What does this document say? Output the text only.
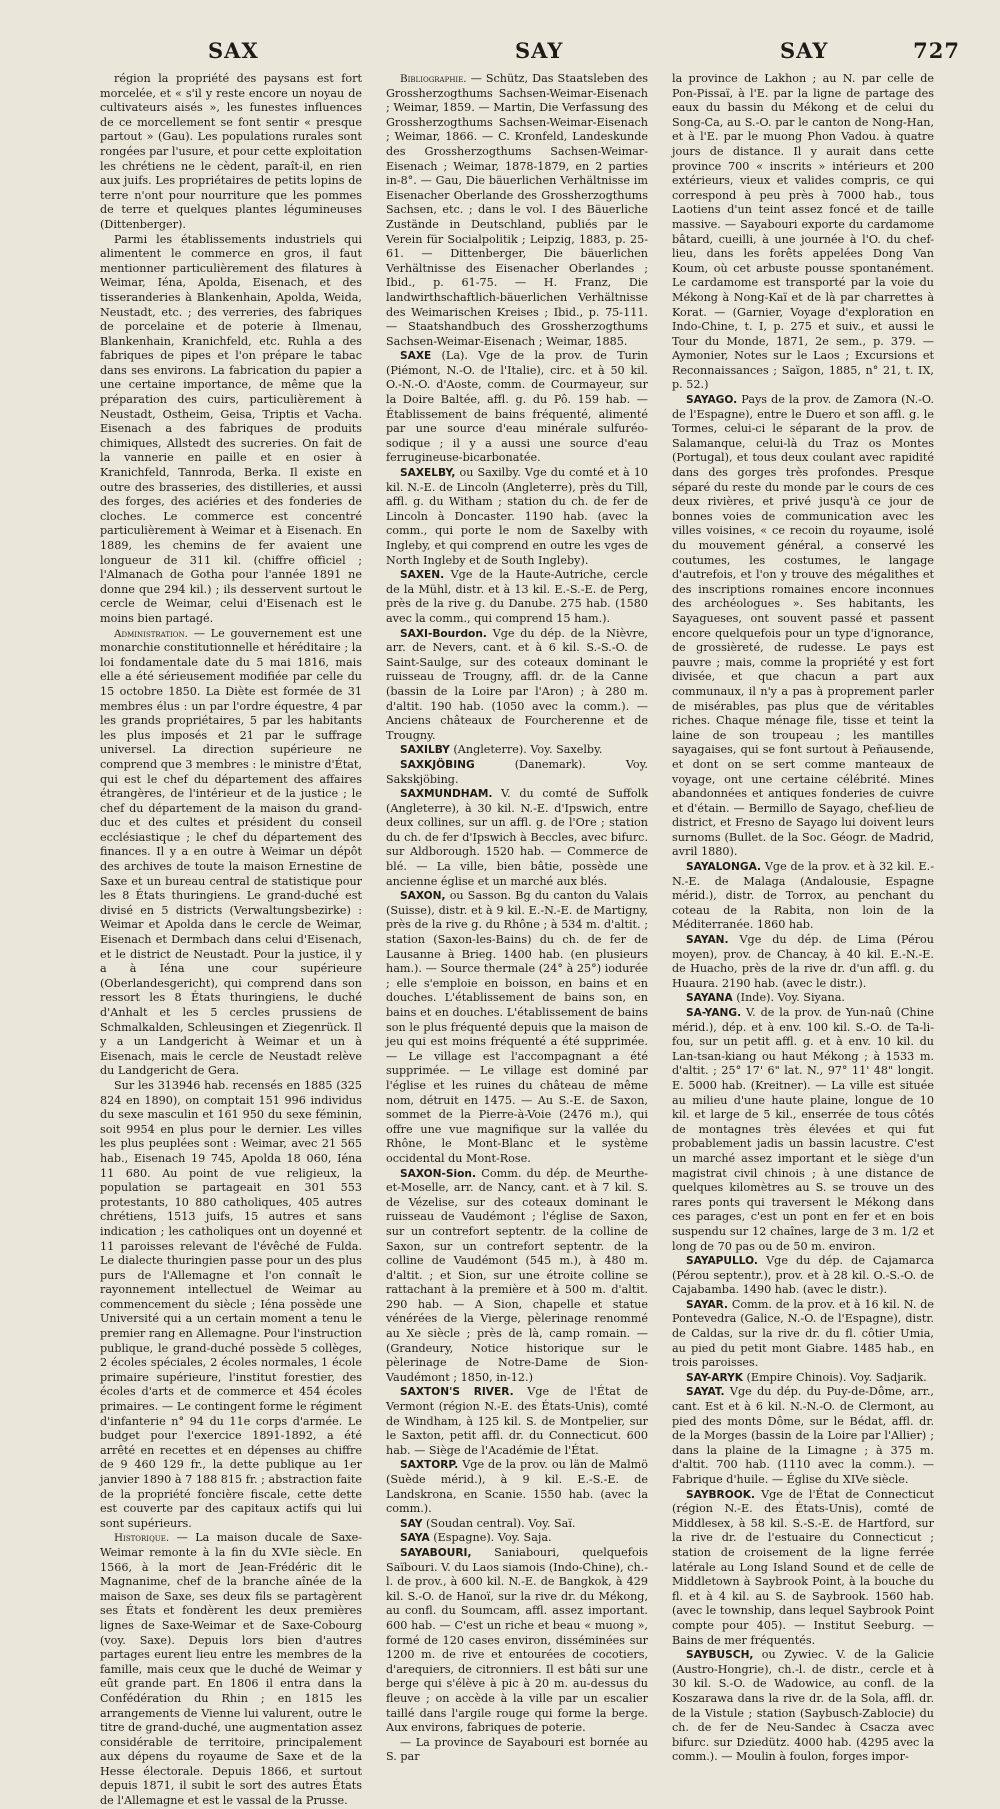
SAX	SAY	SAY	727

région la propriété des paysans est fort morcelée, et « s'il y reste encore un noyau de cultivateurs aisés », les funestes influences de ce morcellement se font sentir « presque partout » (Gau). Les populations rurales sont rongées par l'usure, et pour cette exploitation les chrétiens ne le cèdent, paraît-il, en rien aux juifs. Les propriétaires de petits lopins de terre n'ont pour nourriture que les pommes de terre et quelques plantes légumineuses (Dittenberger).

Parmi les établissements industriels qui alimentent le commerce en gros, il faut mentionner particulièrement des filatures à Weimar, Iéna, Apolda, Eisenach, et des tisseranderies à Blankenhain, Apolda, Weida, Neustadt, etc. ; des verreries, des fabriques de porcelaine et de poterie à Ilmenau, Blankenhain, Kranichfeld, etc. Ruhla a des fabriques de pipes et l'on prépare le tabac dans ses environs. La fabrication du papier a une certaine importance, de même que la préparation des cuirs, particulièrement à Neustadt, Ostheim, Geisa, Triptis et Vacha. Eisenach a des fabriques de produits chimiques, Allstedt des sucreries. On fait de la vannerie en paille et en osier à Kranichfeld, Tannroda, Berka. Il existe en outre des brasseries, des distilleries, et aussi des forges, des aciéries et des fonderies de cloches. Le commerce est concentré particulièrement à Weimar et à Eisenach. En 1889, les chemins de fer avaient une longueur de 311 kil. (chiffre officiel ; l'Almanach de Gotha pour l'année 1891 ne donne que 294 kil.) ; ils desservent surtout le cercle de Weimar, celui d'Eisenach est le moins bien partagé.

Administration. — Le gouvernement est une monarchie constitutionnelle et héréditaire ; la loi fondamentale date du 5 mai 1816, mais elle a été sérieusement modifiée par celle du 15 octobre 1850. La Diète est formée de 31 membres élus : un par l'ordre équestre, 4 par les grands propriétaires, 5 par les habitants les plus imposés et 21 par le suffrage universel. La direction supérieure ne comprend que 3 membres : le ministre d'État, qui est le chef du département des affaires étrangères, de l'intérieur et de la justice ; le chef du département de la maison du grand-duc et des cultes et président du conseil ecclésiastique ; le chef du département des finances. Il y a en outre à Weimar un dépôt des archives de toute la maison Ernestine de Saxe et un bureau central de statistique pour les 8 États thuringiens. Le grand-duché est divisé en 5 districts (Verwaltungsbezirke) : Weimar et Apolda dans le cercle de Weimar, Eisenach et Dermbach dans celui d'Eisenach, et le district de Neustadt. Pour la justice, il y a à Iéna une cour supérieure (Oberlandesgericht), qui comprend dans son ressort les 8 États thuringiens, le duché d'Anhalt et les 5 cercles prussiens de Schmalkalden, Schleusingen et Ziegenrück. Il y a un Landgericht à Weimar et un à Eisenach, mais le cercle de Neustadt relève du Landgericht de Gera.

Sur les 313946 hab. recensés en 1885 (325 824 en 1890), on comptait 151 996 individus du sexe masculin et 161 950 du sexe féminin, soit 9954 en plus pour le dernier. Les villes les plus peuplées sont : Weimar, avec 21 565 hab., Eisenach 19 745, Apolda 18 060, Iéna 11 680. Au point de vue religieux, la population se partageait en 301 553 protestants, 10 880 catholiques, 405 autres chrétiens, 1513 juifs, 15 autres et sans indication ; les catholiques ont un doyenné et 11 paroisses relevant de l'évêché de Fulda. Le dialecte thuringien passe pour un des plus purs de l'Allemagne et l'on connaît le rayonnement intellectuel de Weimar au commencement du siècle ; Iéna possède une Université qui a un certain moment a tenu le premier rang en Allemagne. Pour l'instruction publique, le grand-duché possède 5 collèges, 2 écoles spéciales, 2 écoles normales, 1 école primaire supérieure, l'institut forestier, des écoles d'arts et de commerce et 454 écoles primaires. — Le contingent forme le régiment d'infanterie n° 94 du 11e corps d'armée. Le budget pour l'exercice 1891-1892, a été arrêté en recettes et en dépenses au chiffre de 9 460 129 fr., la dette publique au 1er janvier 1890 à 7 188 815 fr. ; abstraction faite de la propriété foncière fiscale, cette dette est couverte par des capitaux actifs qui lui sont supérieurs.

Historique. — La maison ducale de Saxe-Weimar remonte à la fin du XVIe siècle. En 1566, à la mort de Jean-Frédéric dit le Magnanime, chef de la branche aînée de la maison de Saxe, ses deux fils se partagèrent ses États et fondèrent les deux premières lignes de Saxe-Weimar et de Saxe-Cobourg (voy. Saxe). Depuis lors bien d'autres partages eurent lieu entre les membres de la famille, mais ceux que le duché de Weimar y eût grande part. En 1806 il entra dans la Confédération du Rhin ; en 1815 les arrangements de Vienne lui valurent, outre le titre de grand-duché, une augmentation assez considérable de territoire, principalement aux dépens du royaume de Saxe et de la Hesse électorale. Depuis 1866, et surtout depuis 1871, il subit le sort des autres États de l'Allemagne et est le vassal de la Prusse.

Bibliographie. — Schütz, Das Staatsleben des Grossherzogthums Sachsen-Weimar-Eisenach ; Weimar, 1859. — Martin, Die Verfassung des Grossherzogthums Sachsen-Weimar-Eisenach ; Weimar, 1866. — C. Kronfeld, Landeskunde des Grossherzogthums Sachsen-Weimar-Eisenach ; Weimar, 1878-1879, en 2 parties in-8°. — Gau, Die bäuerlichen Verhältnisse im Eisenacher Oberlande des Grossherzogthums Sachsen, etc. ; dans le vol. I des Bäuerliche Zustände in Deutschland, publiés par le Verein für Socialpolitik ; Leipzig, 1883, p. 25-61. — Dittenberger, Die bäuerlichen Verhältnisse des Eisenacher Oberlandes ; Ibid., p. 61-75. — H. Franz, Die landwirthschaftlich-bäuerlichen Verhältnisse des Weimarischen Kreises ; Ibid., p. 75-111. — Staatshandbuch des Grossherzogthums Sachsen-Weimar-Eisenach ; Weimar, 1885.

SAXE (La). Vge de la prov. de Turin (Piémont, N.-O. de l'Italie), circ. et à 50 kil. O.-N.-O. d'Aoste, comm. de Courmayeur, sur la Doire Baltée, affl. g. du Pô. 159 hab. — Établissement de bains fréquenté, alimenté par une source d'eau minérale sulfuréo-sodique ; il y a aussi une source d'eau ferrugineuse-bicarbonatée.

SAXELBY, ou Saxilby. Vge du comté et à 10 kil. N.-E. de Lincoln (Angleterre), près du Till, affl. g. du Witham ; station du ch. de fer de Lincoln à Doncaster. 1190 hab. (avec la comm., qui porte le nom de Saxelby with Ingleby, et qui comprend en outre les vges de North Ingleby et de South Ingleby).

SAXEN. Vge de la Haute-Autriche, cercle de la Mühl, distr. et à 13 kil. E.-S.-E. de Perg, près de la rive g. du Danube. 275 hab. (1580 avec la comm., qui comprend 15 ham.).

SAXI-Bourdon. Vge du dép. de la Nièvre, arr. de Nevers, cant. et à 6 kil. S.-S.-O. de Saint-Saulge, sur des coteaux dominant le ruisseau de Trougny, affl. dr. de la Canne (bassin de la Loire par l'Aron) ; à 280 m. d'altit. 190 hab. (1050 avec la comm.). — Anciens châteaux de Fourcherenne et de Trougny.

SAXILBY (Angleterre). Voy. Saxelby.

SAXKJÖBING (Danemark). Voy. Sakskjöbing.

SAXMUNDHAM. V. du comté de Suffolk (Angleterre), à 30 kil. N.-E. d'Ipswich, entre deux collines, sur un affl. g. de l'Ore ; station du ch. de fer d'Ipswich à Beccles, avec bifurc. sur Aldborough. 1520 hab. — Commerce de blé. — La ville, bien bâtie, possède une ancienne église et un marché aux blés.

SAXON, ou Sasson. Bg du canton du Valais (Suisse), distr. et à 9 kil. E.-N.-E. de Martigny, près de la rive g. du Rhône ; à 534 m. d'altit. ; station (Saxon-les-Bains) du ch. de fer de Lausanne à Brieg. 1400 hab. (en plusieurs ham.). — Source thermale (24° à 25°) iodurée ; elle s'emploie en boisson, en bains et en douches. L'établissement de bains son, en bains et en douches. L'établissement de bains son le plus fréquenté depuis que la maison de jeu qui est moins fréquenté a été supprimée. — Le village est l'accompagnant a été supprimée. — Le village est dominé par l'église et les ruines du château de même nom, détruit en 1475. — Au S.-E. de Saxon, sommet de la Pierre-à-Voie (2476 m.), qui offre une vue magnifique sur la vallée du Rhône, le Mont-Blanc et le système occidental du Mont-Rose.

SAXON-Sion. Comm. du dép. de Meurthe-et-Moselle, arr. de Nancy, cant. et à 7 kil. S. de Vézelise, sur des coteaux dominant le ruisseau de Vaudémont ; l'église de Saxon, sur un contrefort septentr. de la colline de Saxon, sur un contrefort septentr. de la colline de Vaudémont (545 m.), à 480 m. d'altit. ; et Sion, sur une étroite colline se rattachant à la première et à 500 m. d'altit. 290 hab. — A Sion, chapelle et statue vénérées de la Vierge, pèlerinage renommé au Xe siècle ; près de là, camp romain. — (Grandeury, Notice historique sur le pèlerinage de Notre-Dame de Sion-Vaudémont ; 1850, in-12.)

SAXTON'S RIVER. Vge de l'État de Vermont (région N.-E. des États-Unis), comté de Windham, à 125 kil. S. de Montpelier, sur le Saxton, petit affl. dr. du Connecticut. 600 hab. — Siège de l'Académie de l'État.

SAXTORP. Vge de la prov. ou län de Malmö (Suède mérid.), à 9 kil. E.-S.-E. de Landskrona, en Scanie. 1550 hab. (avec la comm.).

SAY (Soudan central). Voy. Saï.

SAYA (Espagne). Voy. Saja.

SAYABOURI, Saniabouri, quelquefois Saïbouri. V. du Laos siamois (Indo-Chine), ch.-l. de prov., à 600 kil. N.-E. de Bangkok, à 429 kil. S.-O. de Hanoï, sur la rive dr. du Mékong, au confl. du Soumcam, affl. assez important. 600 hab. — C'est un riche et beau « muong », formé de 120 cases environ, disséminées sur 1200 m. de rive et entourées de cocotiers, d'arequiers, de citronniers. Il est bâti sur une berge qui s'élève à pic à 20 m. au-dessus du fleuve ; on accède à la ville par un escalier taillé dans l'argile rouge qui forme la berge. Aux environs, fabriques de poterie.

— La province de Sayabouri est bornée au S. par

la province de Lakhon ; au N. par celle de Pon-Pissaï, à l'E. par la ligne de partage des eaux du bassin du Mékong et de celui du Song-Ca, au S.-O. par le canton de Nong-Han, et à l'E. par le muong Phon Vadou. à quatre jours de distance. Il y aurait dans cette province 700 « inscrits » intérieurs et 200 extérieurs, vieux et valides compris, ce qui correspond à peu près à 7000 hab., tous Laotiens d'un teint assez foncé et de taille massive. — Sayabouri exporte du cardamome bâtard, cueilli, à une journée à l'O. du chef-lieu, dans les forêts appelées Dong Van Koum, où cet arbuste pousse spontanément. Le cardamome est transporté par la voie du Mékong à Nong-Kaï et de là par charrettes à Korat. — (Garnier, Voyage d'exploration en Indo-Chine, t. I, p. 275 et suiv., et aussi le Tour du Monde, 1871, 2e sem., p. 379. — Aymonier, Notes sur le Laos ; Excursions et Reconnaissances ; Saïgon, 1885, n° 21, t. IX, p. 52.)

SAYAGO. Pays de la prov. de Zamora (N.-O. de l'Espagne), entre le Duero et son affl. g. le Tormes, celui-ci le séparant de la prov. de Salamanque, celui-là du Traz os Montes (Portugal), et tous deux coulant avec rapidité dans des gorges très profondes. Presque séparé du reste du monde par le cours de ces deux rivières, et privé jusqu'à ce jour de bonnes voies de communication avec les villes voisines, « ce recoin du royaume, isolé du mouvement général, a conservé les coutumes, les costumes, le langage d'autrefois, et l'on y trouve des mégalithes et des inscriptions romaines encore inconnues des archéologues ». Ses habitants, les Sayagueses, ont souvent passé et passent encore quelquefois pour un type d'ignorance, de grossièreté, de rudesse. Le pays est pauvre ; mais, comme la propriété y est fort divisée, et que chacun a part aux communaux, il n'y a pas à proprement parler de misérables, pas plus que de véritables riches. Chaque ménage file, tisse et teint la laine de son troupeau ; les mantilles sayagaises, qui se font surtout à Peñausende, et dont on se sert comme manteaux de voyage, ont une certaine célébrité. Mines abandonnées et antiques fonderies de cuivre et d'étain. — Bermillo de Sayago, chef-lieu de district, et Fresno de Sayago lui doivent leurs surnoms (Bullet. de la Soc. Géogr. de Madrid, avril 1880).

SAYALONGA. Vge de la prov. et à 32 kil. E.-N.-E. de Malaga (Andalousie, Espagne mérid.), distr. de Torrox, au penchant du coteau de la Rabita, non loin de la Méditerranée. 1860 hab.

SAYAN. Vge du dép. de Lima (Pérou moyen), prov. de Chancay, à 40 kil. E.-N.-E. de Huacho, près de la rive dr. d'un affl. g. du Huaura. 2190 hab. (avec le distr.).

SAYANA (Inde). Voy. Siyana.

SA-YANG. V. de la prov. de Yun-naû (Chine mérid.), dép. et à env. 100 kil. S.-O. de Ta-li-fou, sur un petit affl. g. et à env. 10 kil. du Lan-tsan-kiang ou haut Mékong ; à 1533 m. d'altit. ; 25° 17' 6" lat. N., 97° 11' 48" longit. E. 5000 hab. (Kreitner). — La ville est située au milieu d'une haute plaine, longue de 10 kil. et large de 5 kil., enserrée de tous côtés de montagnes très élevées et qui fut probablement jadis un bassin lacustre. C'est un marché assez important et le siège d'un magistrat civil chinois ; à une distance de quelques kilomètres au S. se trouve un des rares ponts qui traversent le Mékong dans ces parages, c'est un pont en fer et en bois suspendu sur 12 chaînes, large de 3 m. 1/2 et long de 70 pas ou de 50 m. environ.

SAYAPULLO. Vge du dép. de Cajamarca (Pérou septentr.), prov. et à 28 kil. O.-S.-O. de Cajabamba. 1490 hab. (avec le distr.).

SAYAR. Comm. de la prov. et à 16 kil. N. de Pontevedra (Galice, N.-O. de l'Espagne), distr. de Caldas, sur la rive dr. du fl. côtier Umia, au pied du petit mont Giabre. 1485 hab., en trois paroisses.

SAY-ARYK (Empire Chinois). Voy. Sadjarik.

SAYAT. Vge du dép. du Puy-de-Dôme, arr., cant. Est et à 6 kil. N.-N.-O. de Clermont, au pied des monts Dôme, sur le Bédat, affl. dr. de la Morges (bassin de la Loire par l'Allier) ; dans la plaine de la Limagne ; à 375 m. d'altit. 700 hab. (1110 avec la comm.). — Fabrique d'huile. — Église du XIVe siècle.

SAYBROOK. Vge de l'État de Connecticut (région N.-E. des États-Unis), comté de Middlesex, à 58 kil. S.-S.-E. de Hartford, sur la rive dr. de l'estuaire du Connecticut ; station de croisement de la ligne ferrée latérale au Long Island Sound et de celle de Middletown à Saybrook Point, à la bouche du fl. et à 4 kil. au S. de Saybrook. 1560 hab. (avec le township, dans lequel Saybrook Point compte pour 405). — Institut Seeburg. — Bains de mer fréquentés.

SAYBUSCH, ou Zywiec. V. de la Galicie (Austro-Hongrie), ch.-l. de distr., cercle et à 30 kil. S.-O. de Wadowice, au confl. de la Koszarawa dans la rive dr. de la Sola, affl. dr. de la Vistule ; station (Saybusch-Zablocie) du ch. de fer de Neu-Sandec à Csacza avec bifurc. sur Dziedütz. 4000 hab. (4295 avec la comm.). — Moulin à foulon, forges impor-
